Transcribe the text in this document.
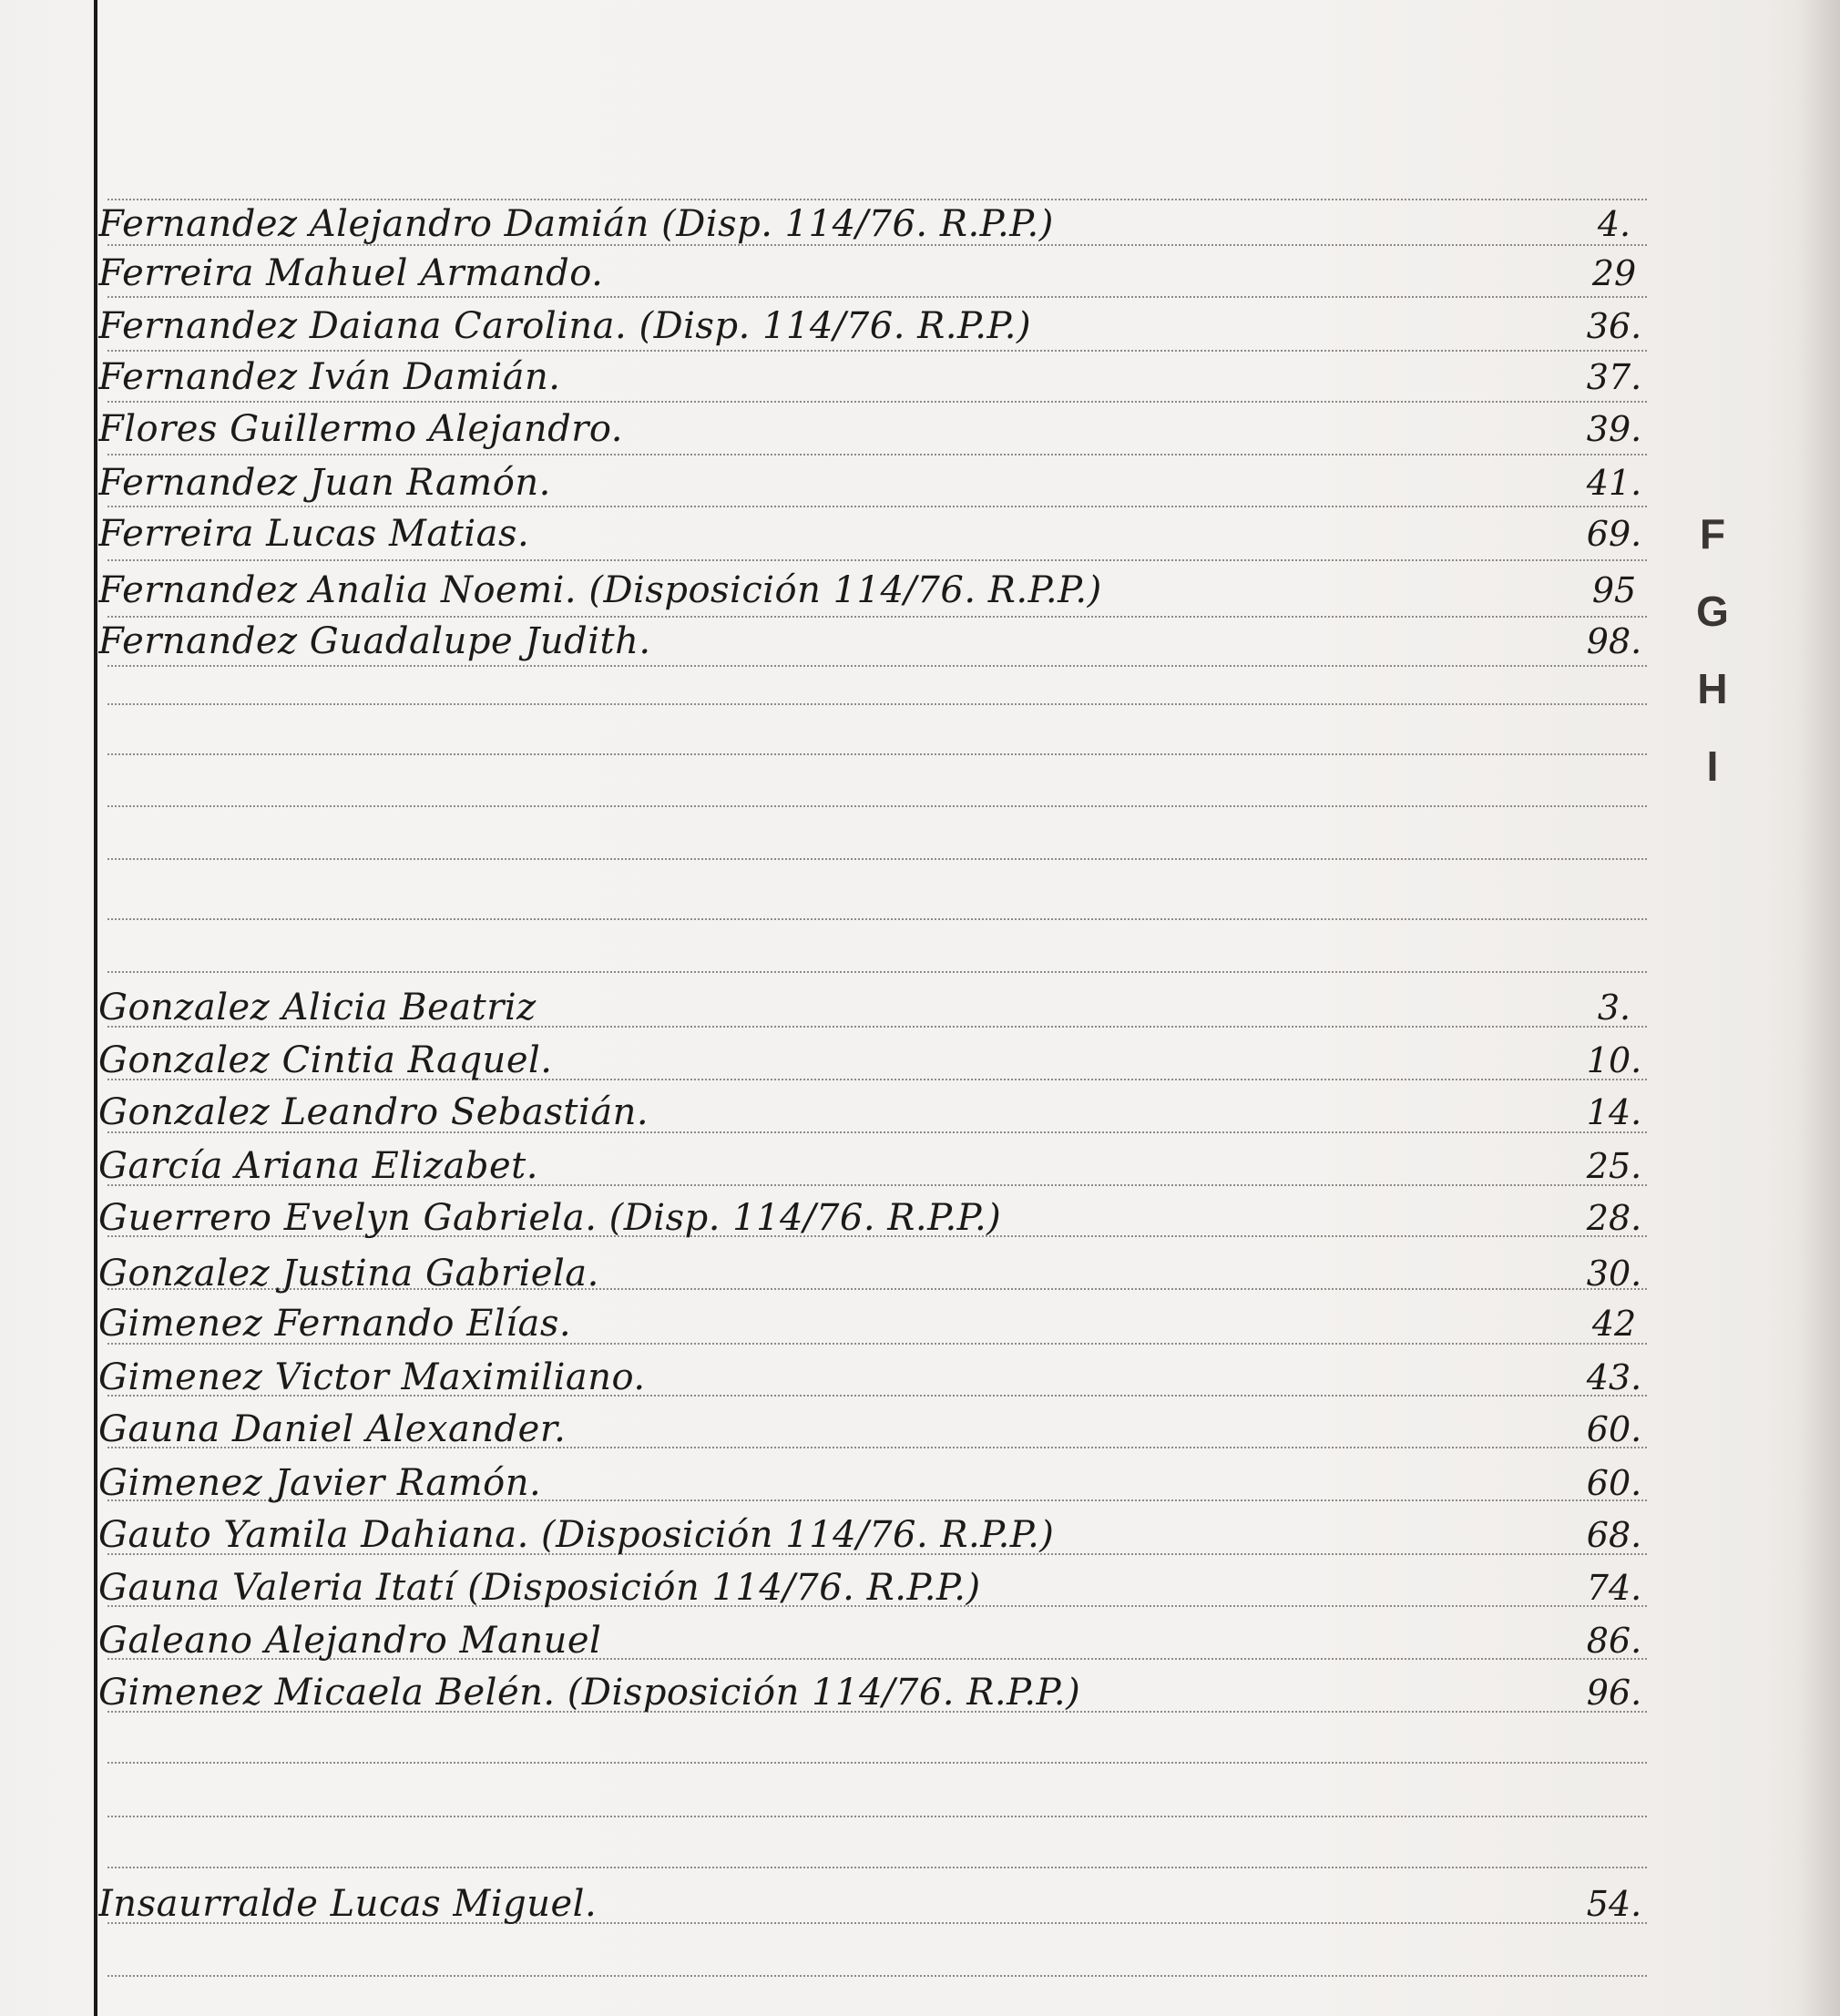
Fernandez Alejandro Damián (Disp. 114/76. R.P.P.)	4.
Ferreira Mahuel Armando.	29
Fernandez Daiana Carolina. (Disp. 114/76. R.P.P.)	36.
Fernandez Iván Damián.	37.
Flores Guillermo Alejandro.	39.
Fernandez Juan Ramón.	41.
Ferreira Lucas Matias.	69.
Fernandez Analia Noemi. (Disposición 114/76. R.P.P.)	95
Fernandez Guadalupe Judith.	98.
Gonzalez Alicia Beatriz	3.
Gonzalez Cintia Raquel.	10.
Gonzalez Leandro Sebastián.	14.
García Ariana Elizabet.	25.
Guerrero Evelyn Gabriela. (Disp. 114/76. R.P.P.)	28.
Gonzalez Justina Gabriela.	30.
Gimenez Fernando Elías.	42
Gimenez Victor Maximiliano.	43.
Gauna Daniel Alexander.	60.
Gimenez Javier Ramón.	60.
Gauto Yamila Dahiana. (Disposición 114/76. R.P.P.)	68.
Gauna Valeria Itatí (Disposición 114/76. R.P.P.)	74.
Galeano Alejandro Manuel	86.
Gimenez Micaela Belén. (Disposición 114/76. R.P.P.)	96.
Insaurralde Lucas Miguel.	54.
F
G
H
I
